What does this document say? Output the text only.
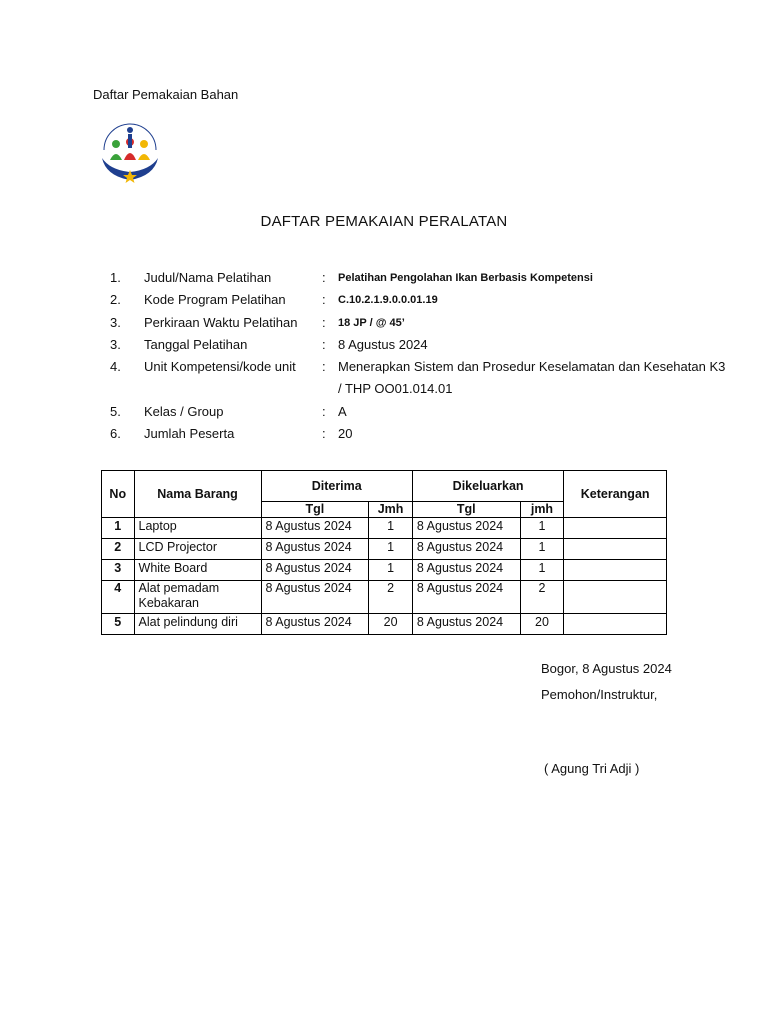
Daftar Pemakaian Bahan
DAFTAR PEMAKAIAN PERALATAN
1. Judul/Nama Pelatihan	: Pelatihan Pengolahan Ikan Berbasis Kompetensi
2. Kode Program Pelatihan	: C.10.2.1.9.0.0.01.19
3. Perkiraan Waktu Pelatihan : 18 JP / @ 45’
3. Tanggal Pelatihan	: 8 Agustus 2024
4. Unit Kompetensi/kode unit : Menerapkan Sistem dan Prosedur Keselamatan dan Kesehatan K3
/ THP OO01.014.01
5. Kelas / Group	: A
6. Jumlah Peserta	: 20
No	Nama Barang	Diterima		Dikeluarkan		Keterangan
		Tgl	Jmh	Tgl	jmh	
1	Laptop	8 Agustus 2024	1	8 Agustus 2024	1	
2	LCD Projector	8 Agustus 2024	1	8 Agustus 2024	1	
3	White Board	8 Agustus 2024	1	8 Agustus 2024	1	
4	Alat pemadam Kebakaran	8 Agustus 2024	2	8 Agustus 2024	2	
5	Alat pelindung diri	8 Agustus 2024	20	8 Agustus 2024	20	
Bogor, 8 Agustus 2024
Pemohon/Instruktur,
( Agung Tri Adji )
